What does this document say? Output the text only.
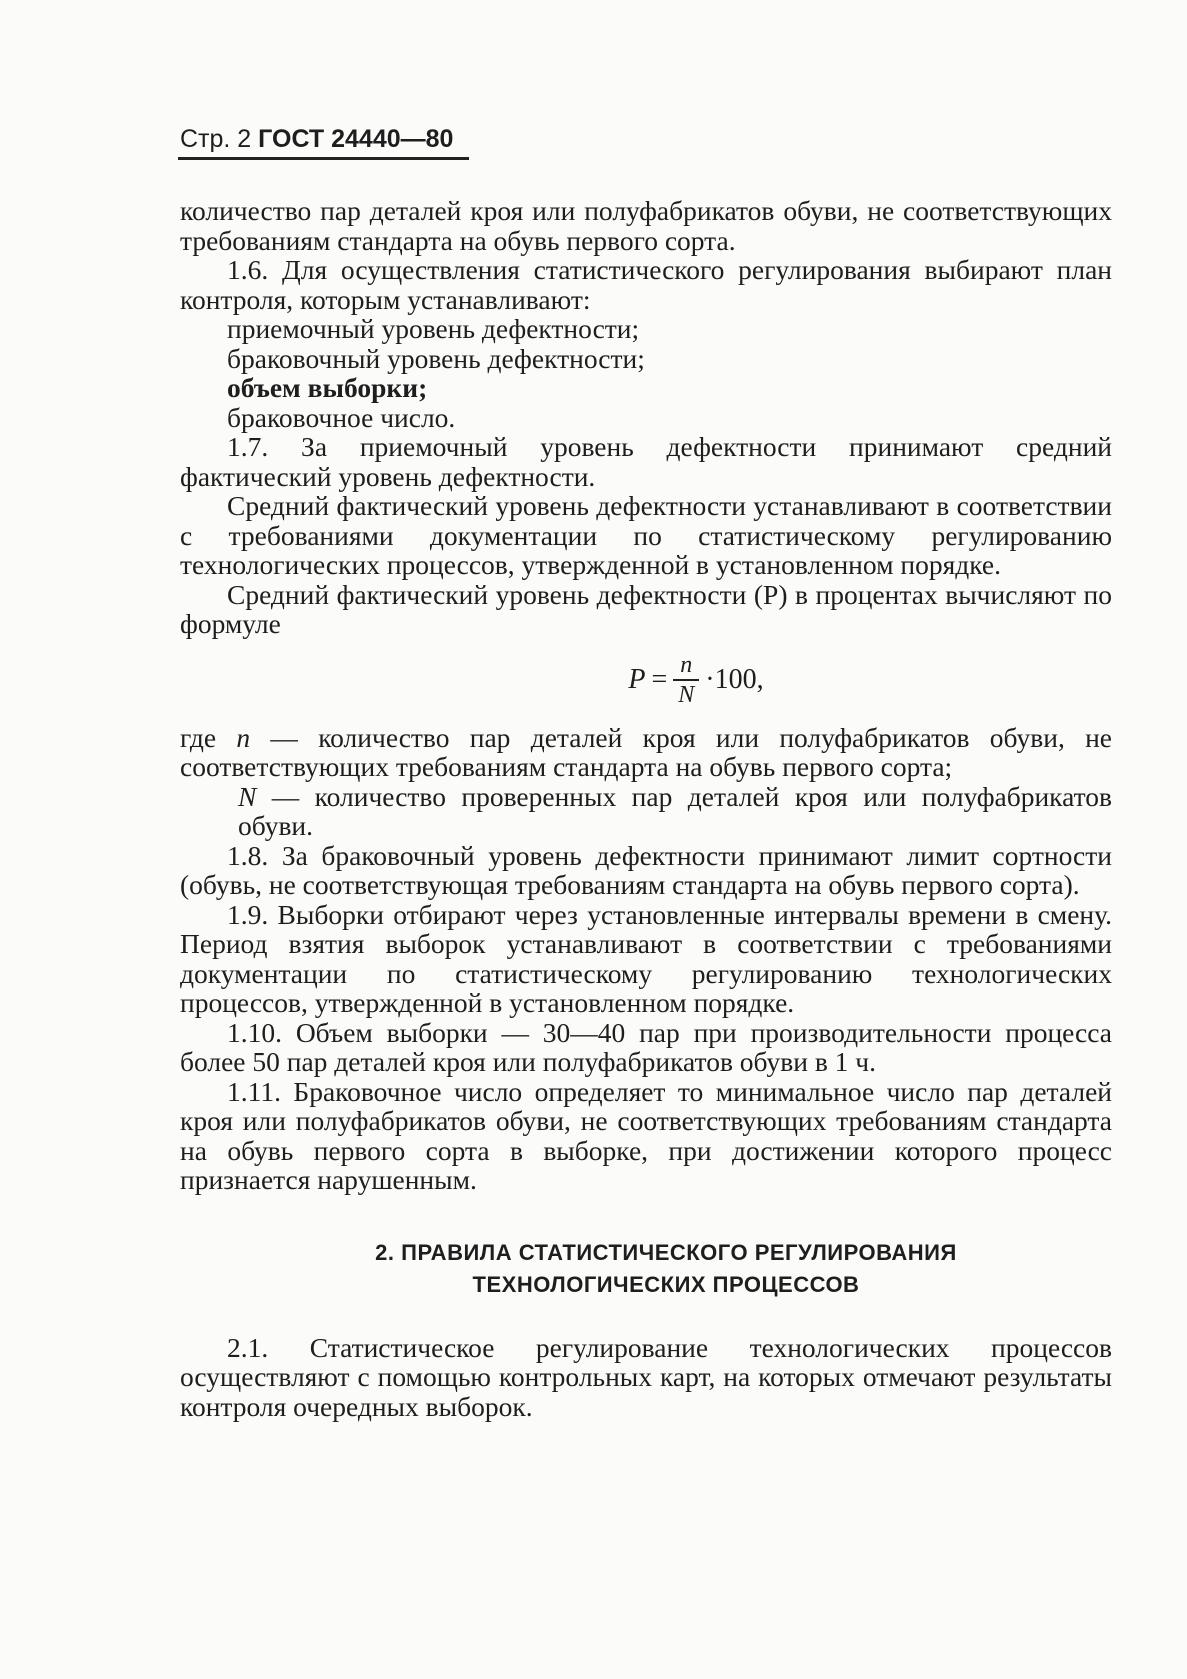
Стр. 2 ГОСТ 24440—80

количество пар деталей кроя или полуфабрикатов обуви, не соответствующих требованиям стандарта на обувь первого сорта.

1.6. Для осуществления статистического регулирования выбирают план контроля, которым устанавливают:

приемочный уровень дефектности;

браковочный уровень дефектности;

объем выборки;

браковочное число.

1.7. За приемочный уровень дефектности принимают средний фактический уровень дефектности.

Средний фактический уровень дефектности устанавливают в соответствии с требованиями документации по статистическому регулированию технологических процессов, утвержденной в установленном порядке.

Средний фактический уровень дефектности (P) в процентах вычисляют по формуле

$P = \frac{n}{N} \cdot 100$,
где n — количество пар деталей кроя или полуфабрикатов обуви, не соответствующих требованиям стандарта на обувь первого сорта;
N — количество проверенных пар деталей кроя или полуфабрикатов обуви.

1.8. За браковочный уровень дефектности принимают лимит сортности (обувь, не соответствующая требованиям стандарта на обувь первого сорта).

1.9. Выборки отбирают через установленные интервалы времени в смену. Период взятия выборок устанавливают в соответствии с требованиями документации по статистическому регулированию технологических процессов, утвержденной в установленном порядке.

1.10. Объем выборки — 30—40 пар при производительности процесса более 50 пар деталей кроя или полуфабрикатов обуви в 1 ч.

1.11. Браковочное число определяет то минимальное число пар деталей кроя или полуфабрикатов обуви, не соответствующих требованиям стандарта на обувь первого сорта в выборке, при достижении которого процесс признается нарушенным.

2. ПРАВИЛА СТАТИСТИЧЕСКОГО РЕГУЛИРОВАНИЯ
ТЕХНОЛОГИЧЕСКИХ ПРОЦЕССОВ

2.1. Статистическое регулирование технологических процессов осуществляют с помощью контрольных карт, на которых отмечают результаты контроля очередных выборок.
